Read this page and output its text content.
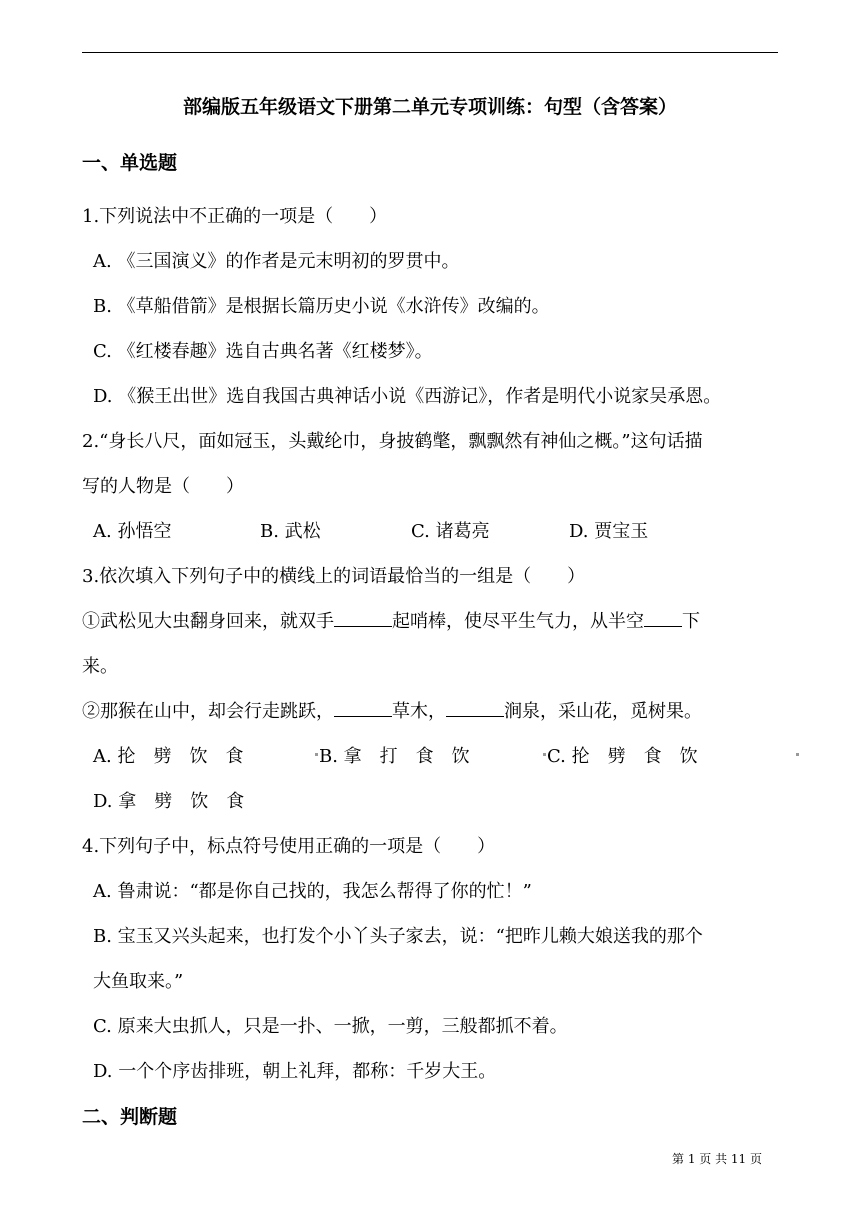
部编版五年级语文下册第二单元专项训练：句型（含答案）
一、单选题
1.下列说法中不正确的一项是（　　）
A. 《三国演义》的作者是元末明初的罗贯中。
B. 《草船借箭》是根据长篇历史小说《水浒传》改编的。
C. 《红楼春趣》选自古典名著《红楼梦》。
D. 《猴王出世》选自我国古典神话小说《西游记》，作者是明代小说家吴承恩。
2.“身长八尺，面如冠玉，头戴纶巾，身披鹤氅，飘飘然有神仙之概。”这句话描
写的人物是（　　）
A. 孙悟空	B. 武松	C. 诸葛亮	D. 贾宝玉
3.依次填入下列句子中的横线上的词语最恰当的一组是（　　）
①武松见大虫翻身回来，就双手	起哨棒，使尽平生气力，从半空 下
来。
②那猴在山中，却会行走跳跃，	草木，	涧泉，采山花，觅树果。
A. 抡　劈　饮　食	B. 拿　打　食　饮	C. 抡　劈　食　饮
D. 拿　劈　饮　食
4.下列句子中，标点符号使用正确的一项是（　　）
A. 鲁肃说：“都是你自己找的，我怎么帮得了你的忙！”
B. 宝玉又兴头起来，也打发个小丫头子家去，说：“把昨儿赖大娘送我的那个
大鱼取来。”
C. 原来大虫抓人，只是一扑、一掀，一剪，三般都抓不着。
D. 一个个序齿排班，朝上礼拜，都称：千岁大王。
二、判断题
第 1 页 共 11 页
